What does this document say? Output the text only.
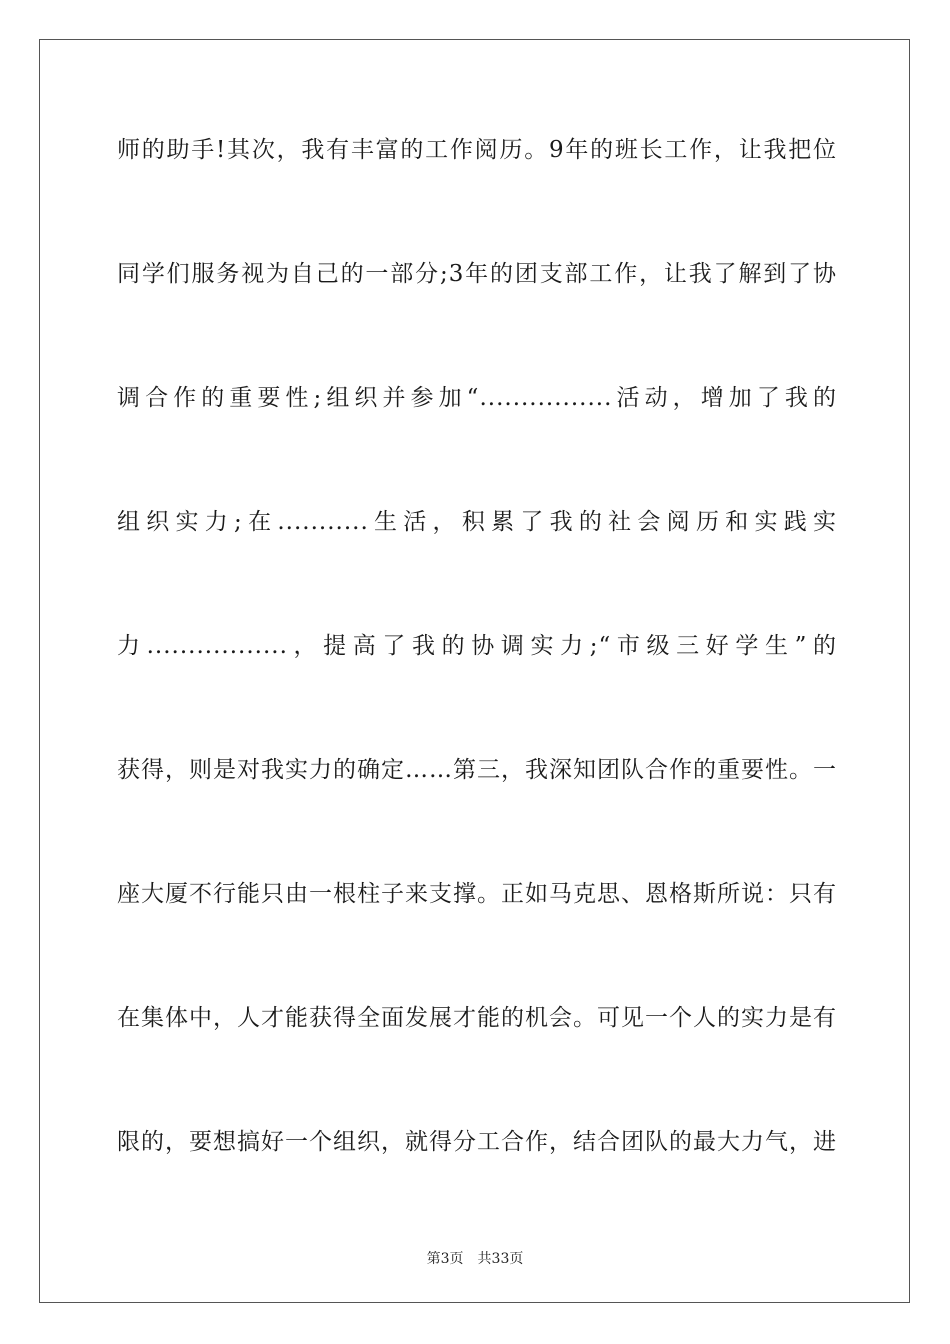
师的助手!其次，我有丰富的工作阅历。9年的班长工作，让我把位
同学们服务视为自己的一部分;3年的团支部工作，让我了解到了协
调合作的重要性;组织并参加“................活动，增加了我的
组织实力;在...........生活，积累了我的社会阅历和实践实
力.................，提高了我的协调实力;“市级三好学生”的
获得，则是对我实力的确定……第三，我深知团队合作的重要性。一
座大厦不行能只由一根柱子来支撑。正如马克思、恩格斯所说：只有
在集体中，人才能获得全面发展才能的机会。可见一个人的实力是有
限的，要想搞好一个组织，就得分工合作，结合团队的最大力气，进
第3页 共33页
